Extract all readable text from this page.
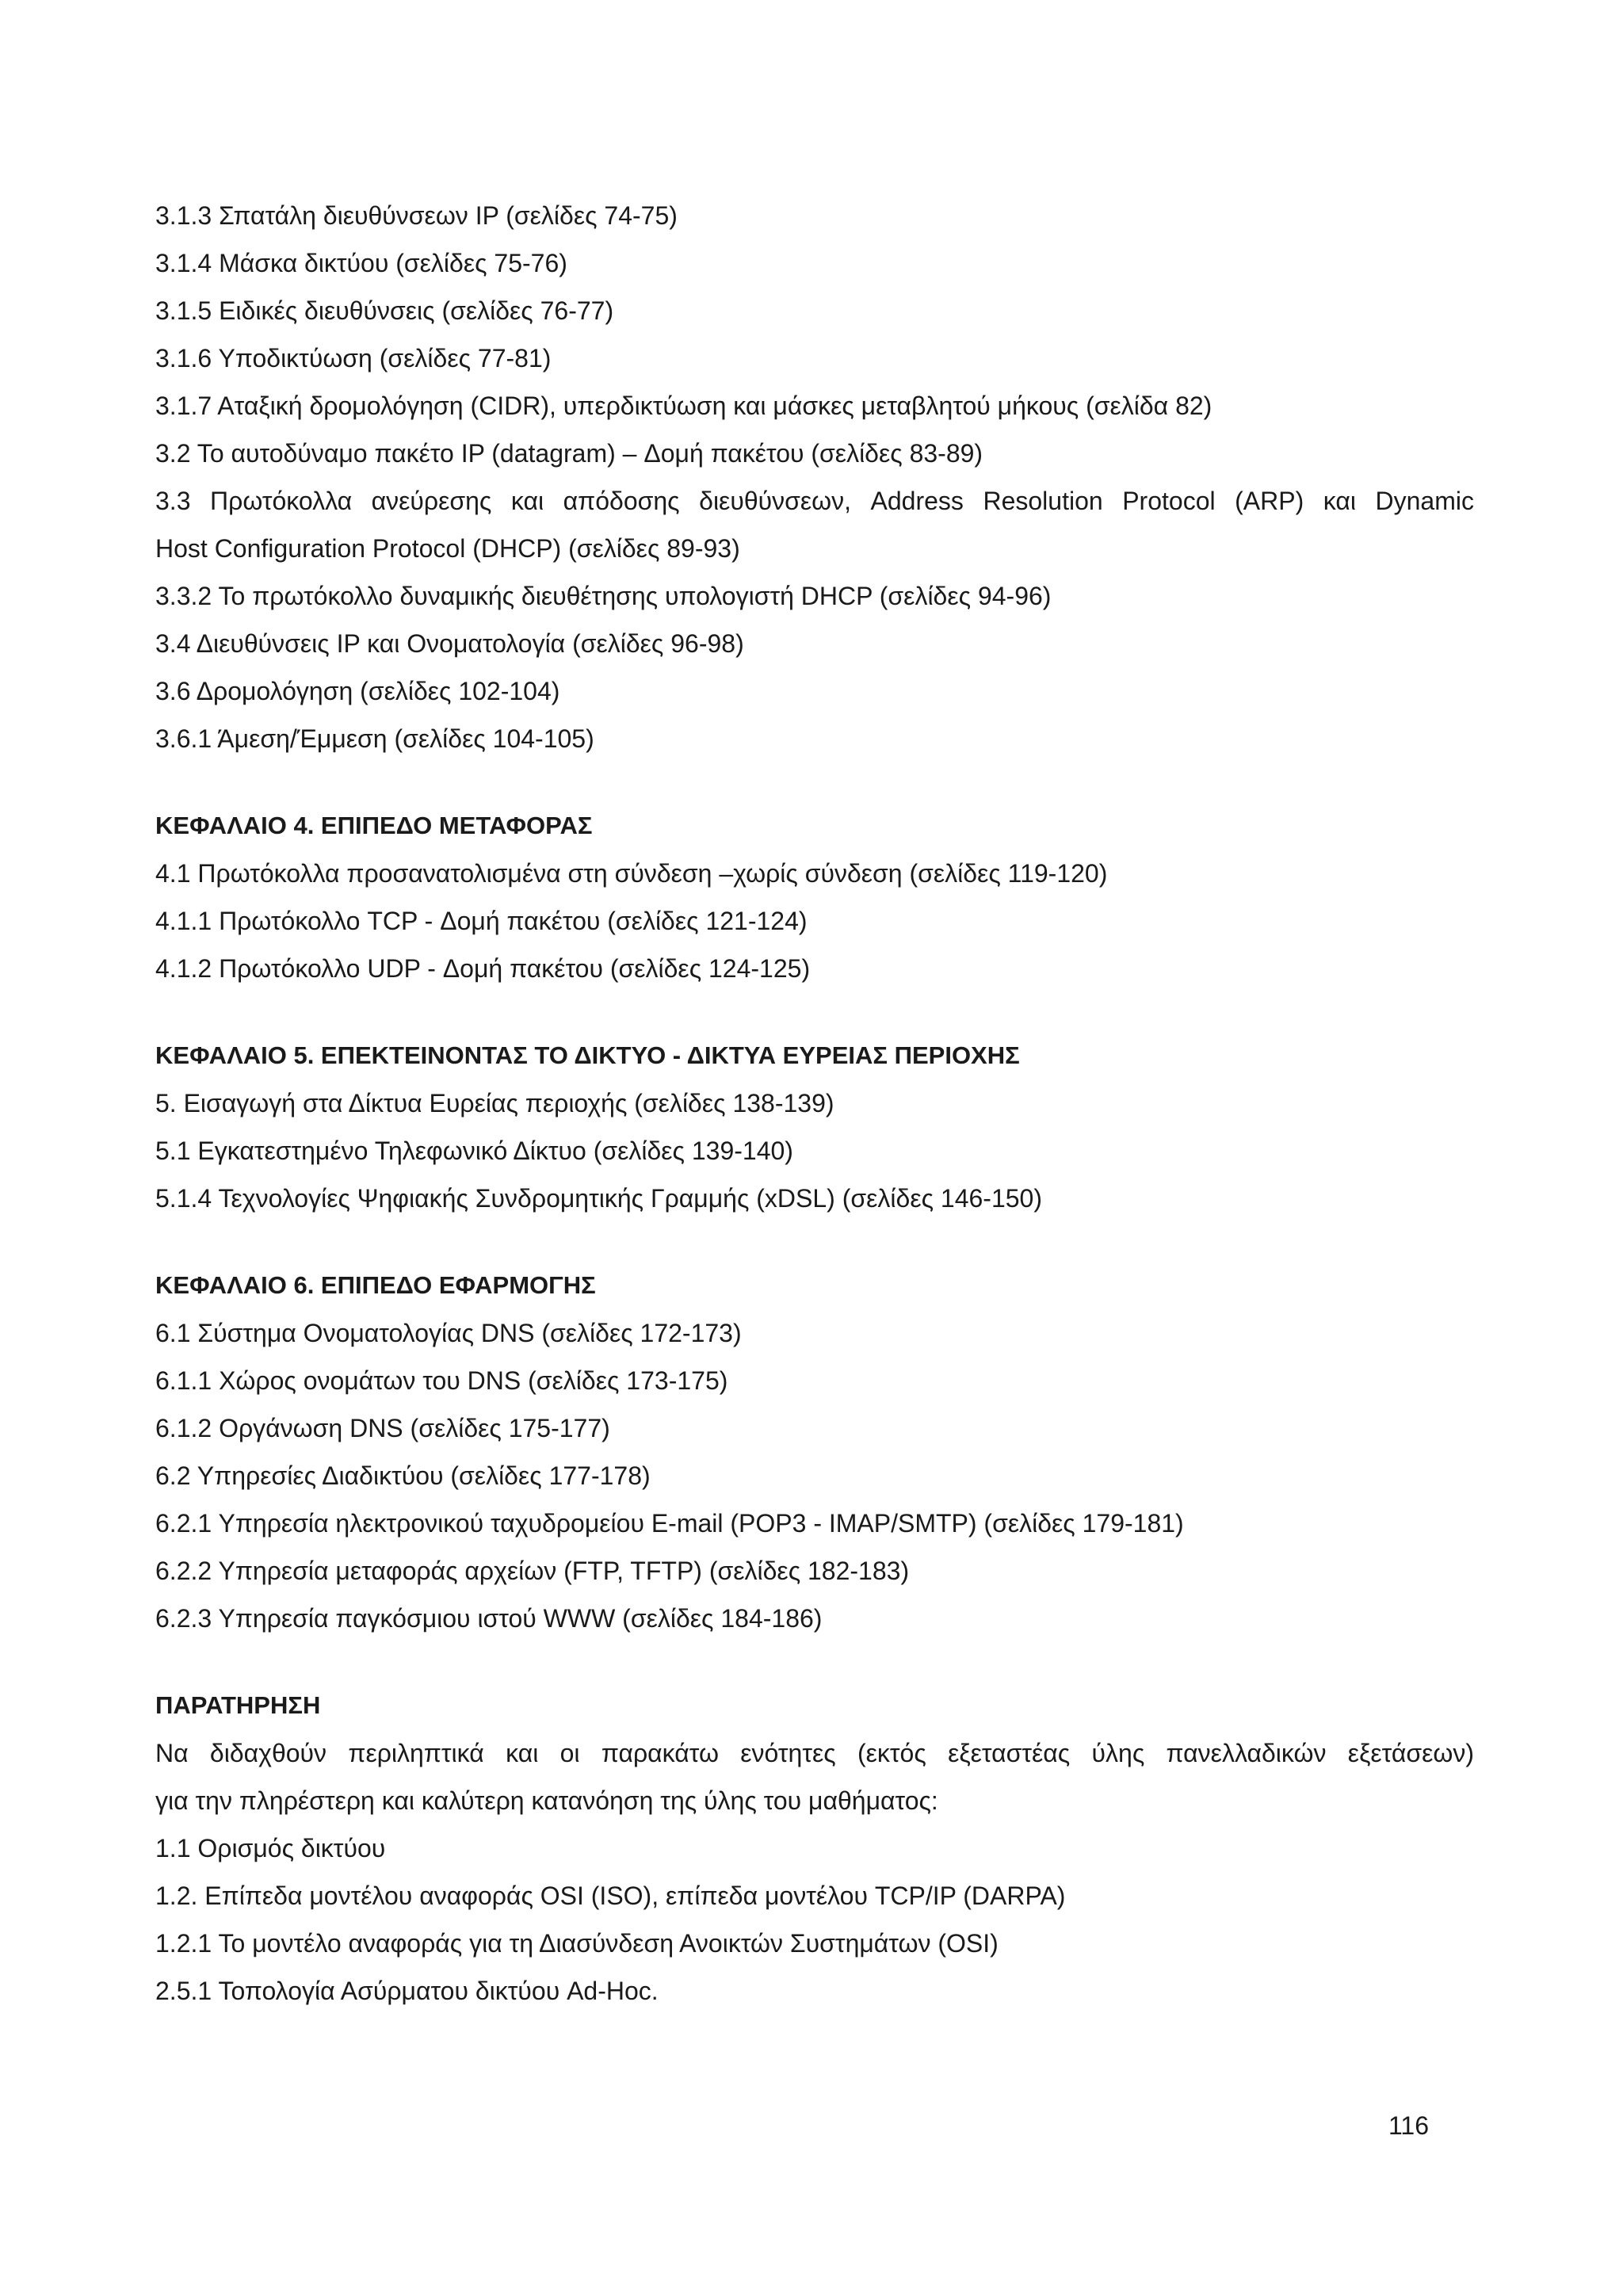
3.1.3 Σπατάλη διευθύνσεων IP (σελίδες 74-75)

3.1.4 Μάσκα δικτύου (σελίδες 75-76)

3.1.5 Ειδικές διευθύνσεις (σελίδες 76-77)

3.1.6 Υποδικτύωση (σελίδες 77-81)

3.1.7 Αταξική δρομολόγηση (CIDR), υπερδικτύωση και μάσκες μεταβλητού μήκους (σελίδα 82)

3.2 Το αυτοδύναμο πακέτο IP (datagram) – Δομή πακέτου (σελίδες 83-89)

3.3 Πρωτόκολλα ανεύρεσης και απόδοσης διευθύνσεων, Address Resolution Protocol (ARP) και Dynamic

Host Configuration Protocol (DHCP) (σελίδες 89-93)

3.3.2 Το πρωτόκολλο δυναμικής διευθέτησης υπολογιστή DHCP (σελίδες 94-96)

3.4 Διευθύνσεις IP και Ονοματολογία (σελίδες 96-98)

3.6 Δρομολόγηση (σελίδες 102-104)

3.6.1 Άμεση/Έμμεση (σελίδες 104-105)

ΚΕΦΑΛΑΙΟ 4. ΕΠΙΠΕΔΟ ΜΕΤΑΦΟΡΑΣ

4.1 Πρωτόκολλα προσανατολισμένα στη σύνδεση –χωρίς σύνδεση (σελίδες 119-120)

4.1.1 Πρωτόκολλο TCP - Δομή πακέτου (σελίδες 121-124)

4.1.2 Πρωτόκολλο UDP - Δομή πακέτου (σελίδες 124-125)

ΚΕΦΑΛΑΙΟ 5. ΕΠΕΚΤΕΙΝΟΝΤΑΣ ΤΟ ΔΙΚΤΥΟ - ΔΙΚΤΥΑ ΕΥΡΕΙΑΣ ΠΕΡΙΟΧΗΣ

5. Εισαγωγή στα Δίκτυα Ευρείας περιοχής (σελίδες 138-139)

5.1 Εγκατεστημένο Τηλεφωνικό Δίκτυο (σελίδες 139-140)

5.1.4 Τεχνολογίες Ψηφιακής Συνδρομητικής Γραμμής (xDSL) (σελίδες 146-150)

ΚΕΦΑΛΑΙΟ 6. ΕΠΙΠΕΔΟ ΕΦΑΡΜΟΓΗΣ

6.1 Σύστημα Ονοματολογίας DNS (σελίδες 172-173)

6.1.1 Χώρος ονομάτων του DNS (σελίδες 173-175)

6.1.2 Οργάνωση DNS (σελίδες 175-177)

6.2 Υπηρεσίες Διαδικτύου (σελίδες 177-178)

6.2.1 Υπηρεσία ηλεκτρονικού ταχυδρομείου E-mail (POP3 - IMAP/SMTP) (σελίδες 179-181)

6.2.2 Υπηρεσία μεταφοράς αρχείων (FTP, TFTP) (σελίδες 182-183)

6.2.3 Υπηρεσία παγκόσμιου ιστού WWW (σελίδες 184-186)

ΠΑΡΑΤΗΡΗΣΗ

Να διδαχθούν περιληπτικά και οι παρακάτω ενότητες (εκτός εξεταστέας ύλης πανελλαδικών εξετάσεων)

για την πληρέστερη και καλύτερη κατανόηση της ύλης του μαθήματος:

1.1 Ορισμός δικτύου

1.2. Επίπεδα μοντέλου αναφοράς OSI (ISO), επίπεδα μοντέλου TCP/IP (DARPA)

1.2.1 Το μοντέλο αναφοράς για τη Διασύνδεση Ανοικτών Συστημάτων (OSI)

2.5.1 Τοπολογία Ασύρματου δικτύου Ad-Hoc.

116
